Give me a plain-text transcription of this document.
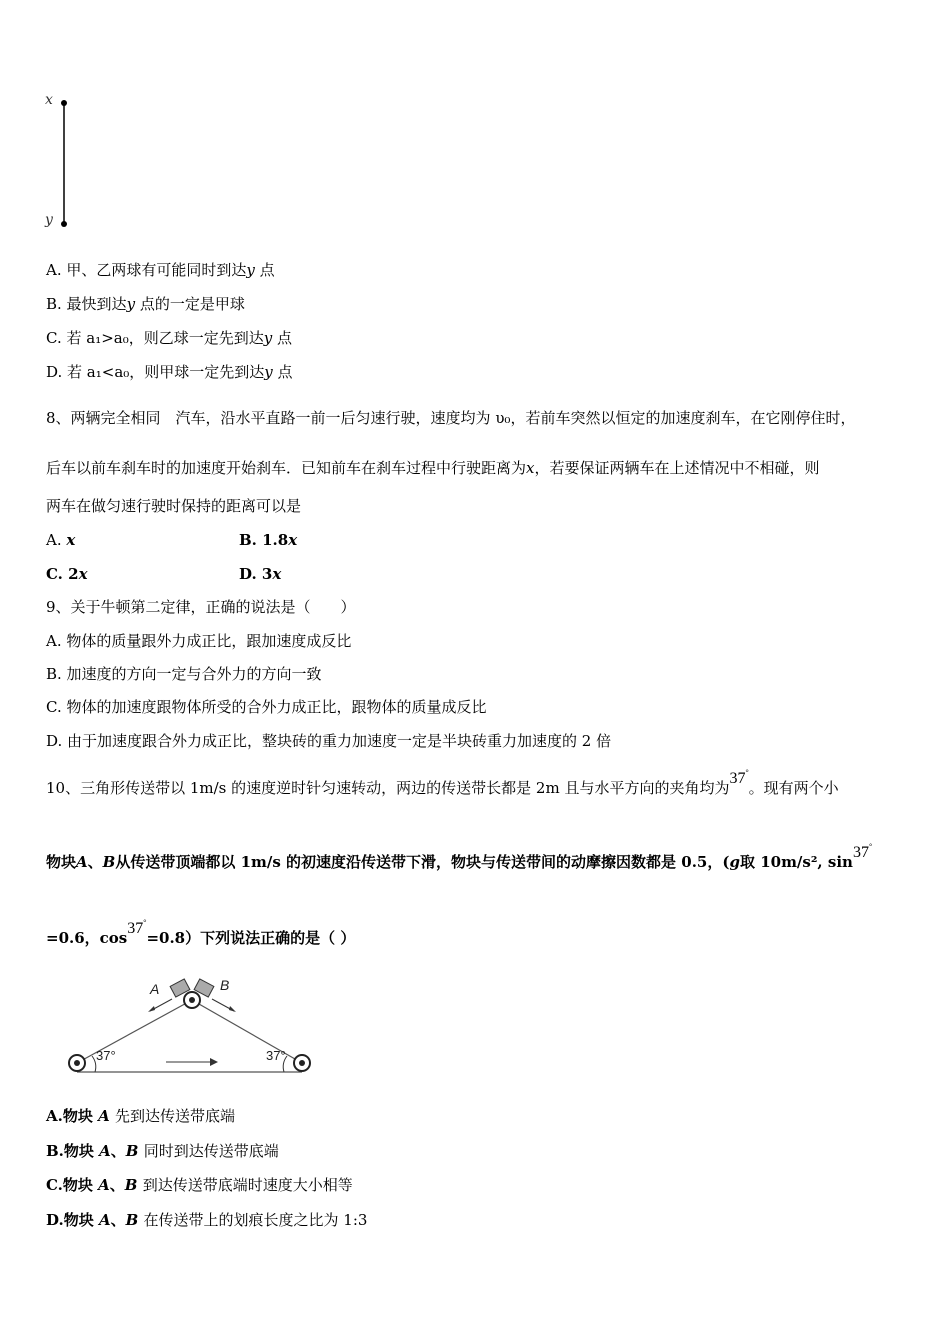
x
y
A. 甲、乙两球有可能同时到达y 点
B. 最快到达y 点的一定是甲球
C. 若 a₁>a₀，则乙球一定先到达y 点
D. 若 a₁<a₀，则甲球一定先到达y 点
8、两辆完全相同　汽车，沿水平直路一前一后匀速行驶，速度均为 υ₀，若前车突然以恒定的加速度刹车，在它刚停住时，
后车以前车刹车时的加速度开始刹车．已知前车在刹车过程中行驶距离为x，若要保证两辆车在上述情况中不相碰，则
两车在做匀速行驶时保持的距离可以是
A. x	B. 1.8x
C. 2x	D. 3x
9、关于牛顿第二定律，正确的说法是（　　）
A. 物体的质量跟外力成正比，跟加速度成反比
B. 加速度的方向一定与合外力的方向一致
C. 物体的加速度跟物体所受的合外力成正比，跟物体的质量成反比
D. 由于加速度跟合外力成正比，整块砖的重力加速度一定是半块砖重力加速度的 2 倍
10、三角形传送带以 1m/s 的速度逆时针匀速转动，两边的传送带长都是 2m 且与水平方向的夹角均为37°。现有两个小
物块A、B从传送带顶端都以 1m/s 的初速度沿传送带下滑，物块与传送带间的动摩擦因数都是 0.5，(g取 10m/s², sin37°
=0.6，cos37°=0.8）下列说法正确的是（ ）
A	B
37°	37°
A.物块 A 先到达传送带底端
B.物块 A、B 同时到达传送带底端
C.物块 A、B 到达传送带底端时速度大小相等
D.物块 A、B 在传送带上的划痕长度之比为 1:3
